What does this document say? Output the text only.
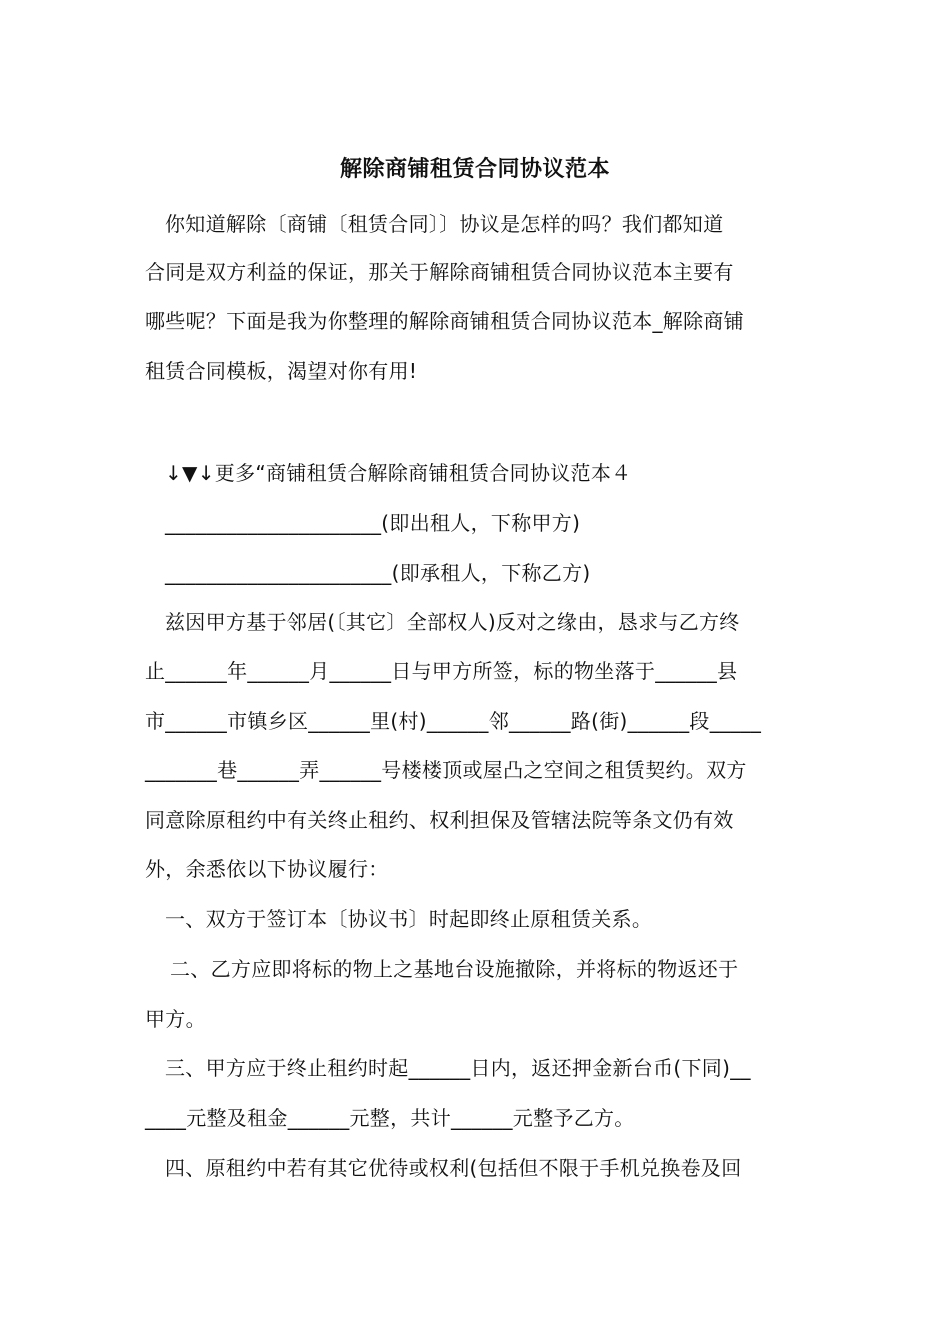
解除商铺租赁合同协议范本
你知道解除〔商铺〔租赁合同〕〕协议是怎样的吗？我们都知道
合同是双方利益的保证，那关于解除商铺租赁合同协议范本主要有
哪些呢？下面是我为你整理的解除商铺租赁合同协议范本_解除商铺
租赁合同模板，渴望对你有用!
↓▼↓更多“商铺租赁合解除商铺租赁合同协议范本４
_____________________(即出租人，下称甲方)
______________________(即承租人，下称乙方)
兹因甲方基于邻居(〔其它〕全部权人)反对之缘由，恳求与乙方终
止______年______月______日与甲方所签，标的物坐落于______县
市______市镇乡区______里(村)______邻______路(街)______段_____
_______巷______弄______号楼楼顶或屋凸之空间之租赁契约。双方
同意除原租约中有关终止租约、权利担保及管辖法院等条文仍有效
外，余悉依以下协议履行：
一、双方于签订本〔协议书〕时起即终止原租赁关系。
二、乙方应即将标的物上之基地台设施撤除，并将标的物返还于
甲方。
三、甲方应于终止租约时起______日内，返还押金新台币(下同)__
____元整及租金______元整，共计______元整予乙方。
四、原租约中若有其它优待或权利(包括但不限于手机兑换卷及回
